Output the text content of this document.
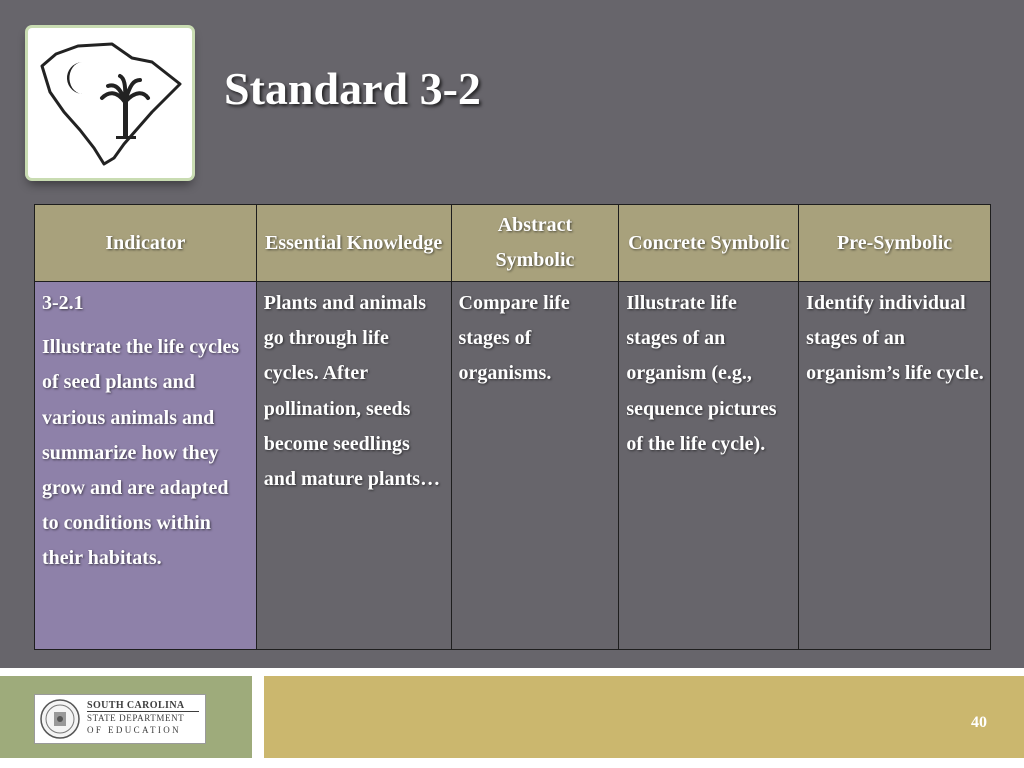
Standard 3-2
Indicator	Essential Knowledge	Abstract Symbolic	Concrete Symbolic	Pre-Symbolic

3-2.1

Illustrate the life cycles of seed plants and various animals and summarize how they grow and are adapted to conditions within their habitats.	Plants and animals go through life cycles. After pollination, seeds become seedlings and mature plants…	Compare life stages of organisms.	Illustrate life stages of an organism (e.g., sequence pictures of the life cycle).	Identify individual stages of an organism’s life cycle.
SOUTH CAROLINA
STATE DEPARTMENT
OF EDUCATION	40
